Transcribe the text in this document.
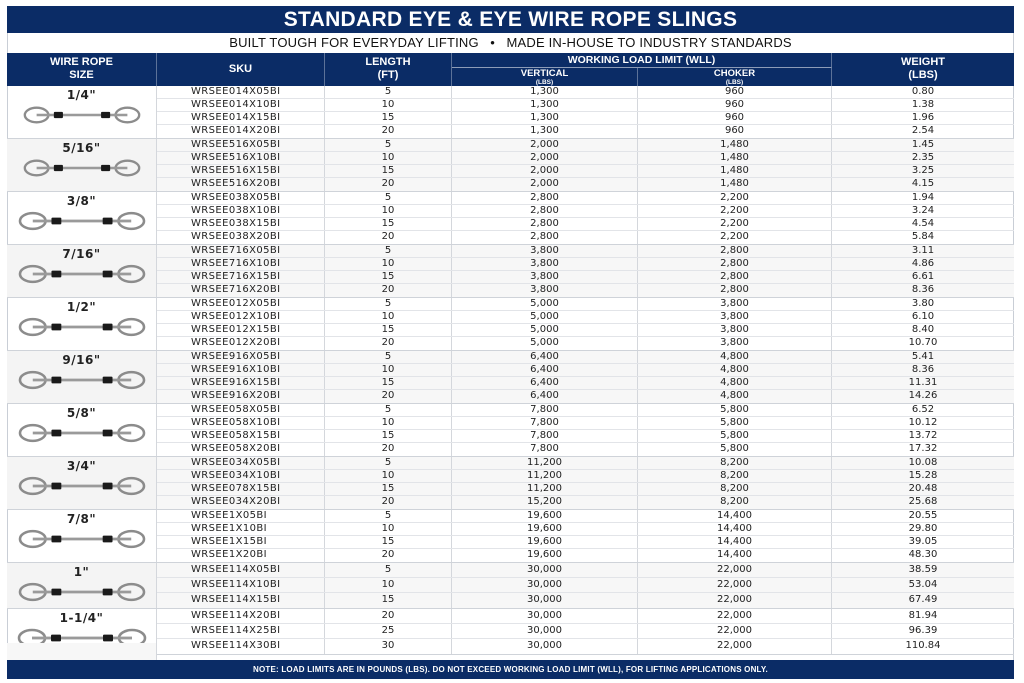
STANDARD EYE & EYE WIRE ROPE SLINGS
BUILT TOUGH FOR EVERYDAY LIFTING • MADE IN-HOUSE TO INDUSTRY STANDARDS
WIRE ROPE
SIZE	SKU
LENGTH
(FT)
WORKING LOAD LIMIT (WLL)
VERTICAL
(LBS)
CHOKER
(LBS)
WEIGHT
(LBS)
1/4"	WRSEE014X05BI	5	1,300	960	0.80
WRSEE014X10BI	10	1,300	960	1.38
WRSEE014X15BI	15	1,300	960	1.96
WRSEE014X20BI	20	1,300	960	2.54
5/16"	WRSEE516X05BI	5	2,000	1,480	1.45
WRSEE516X10BI	10	2,000	1,480	2.35
WRSEE516X15BI	15	2,000	1,480	3.25
WRSEE516X20BI	20	2,000	1,480	4.15
3/8"	WRSEE038X05BI	5	2,800	2,200	1.94
WRSEE038X10BI	10	2,800	2,200	3.24
WRSEE038X15BI	15	2,800	2,200	4.54
WRSEE038X20BI	20	2,800	2,200	5.84
7/16"	WRSEE716X05BI	5	3,800	2,800	3.11
WRSEE716X10BI	10	3,800	2,800	4.86
WRSEE716X15BI	15	3,800	2,800	6.61
WRSEE716X20BI	20	3,800	2,800	8.36
1/2"	WRSEE012X05BI	5	5,000	3,800	3.80
WRSEE012X10BI	10	5,000	3,800	6.10
WRSEE012X15BI	15	5,000	3,800	8.40
WRSEE012X20BI	20	5,000	3,800	10.70
9/16"	WRSEE916X05BI	5	6,400	4,800	5.41
WRSEE916X10BI	10	6,400	4,800	8.36
WRSEE916X15BI	15	6,400	4,800	11.31
WRSEE916X20BI	20	6,400	4,800	14.26
5/8"	WRSEE058X05BI	5	7,800	5,800	6.52
WRSEE058X10BI	10	7,800	5,800	10.12
WRSEE058X15BI	15	7,800	5,800	13.72
WRSEE058X20BI	20	7,800	5,800	17.32
3/4"	WRSEE034X05BI	5	11,200	8,200	10.08
WRSEE034X10BI	10	11,200	8,200	15.28
WRSEE078X15BI	15	11,200	8,200	20.48
WRSEE034X20BI	20	15,200	8,200	25.68
7/8"	WRSEE1X05BI	5	19,600	14,400	20.55
WRSEE1X10BI	10	19,600	14,400	29.80
WRSEE1X15BI	15	19,600	14,400	39.05
WRSEE1X20BI	20	19,600	14,400	48.30
1"	WRSEE114X05BI	5	30,000	22,000	38.59
WRSEE114X10BI	10	30,000	22,000	53.04
WRSEE114X15BI	15	30,000	22,000	67.49
1-1/4"	WRSEE114X20BI	20	30,000	22,000	81.94
WRSEE114X25BI	25	30,000	22,000	96.39
WRSEE114X30BI	30	30,000	22,000	110.84
NOTE: LOAD LIMITS ARE IN POUNDS (LBS). DO NOT EXCEED WORKING LOAD LIMIT (WLL), FOR LIFTING APPLICATIONS ONLY.
